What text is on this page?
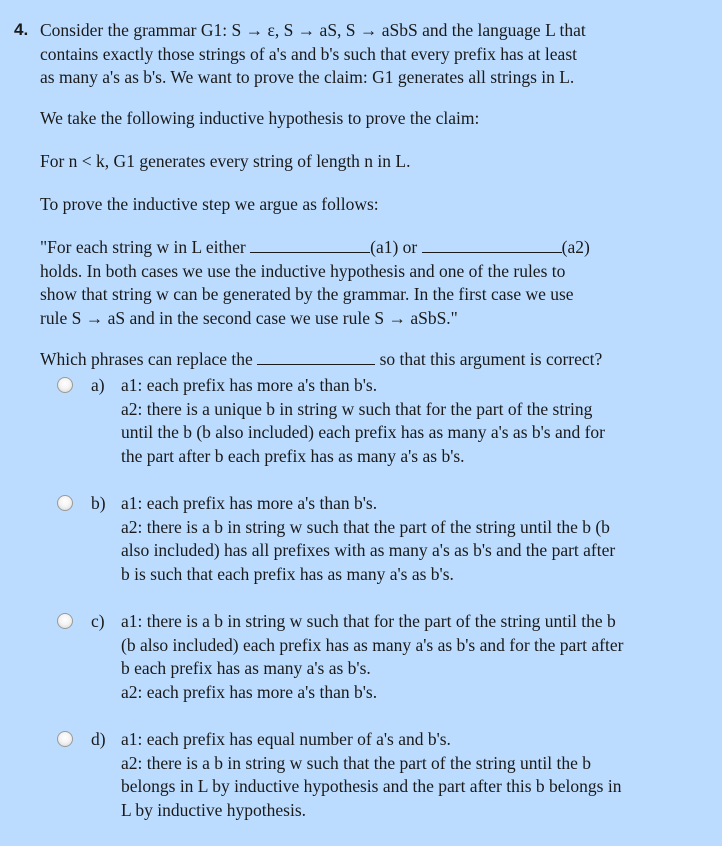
4. Consider the grammar G1: S → ε, S → aS, S → aSbS and the language L that
contains exactly those strings of a's and b's such that every prefix has at least
as many a's as b's. We want to prove the claim: G1 generates all strings in L.
We take the following inductive hypothesis to prove the claim:
For n < k, G1 generates every string of length n in L.
To prove the inductive step we argue as follows:
"For each string w in L either	(a1) or	(a2)
holds. In both cases we use the inductive hypothesis and one of the rules to
show that string w can be generated by the grammar. In the first case we use
rule S → aS and in the second case we use rule S → aSbS."
Which phrases can replace the	so that this argument is correct?
a) a1: each prefix has more a's than b's.
a2: there is a unique b in string w such that for the part of the string
until the b (b also included) each prefix has as many a's as b's and for
the part after b each prefix has as many a's as b's.
b) a1: each prefix has more a's than b's.
a2: there is a b in string w such that the part of the string until the b (b
also included) has all prefixes with as many a's as b's and the part after
b is such that each prefix has as many a's as b's.
c) a1: there is a b in string w such that for the part of the string until the b
(b also included) each prefix has as many a's as b's and for the part after
b each prefix has as many a's as b's.
a2: each prefix has more a's than b's.
d) a1: each prefix has equal number of a's and b's.
a2: there is a b in string w such that the part of the string until the b
belongs in L by inductive hypothesis and the part after this b belongs in
L by inductive hypothesis.
